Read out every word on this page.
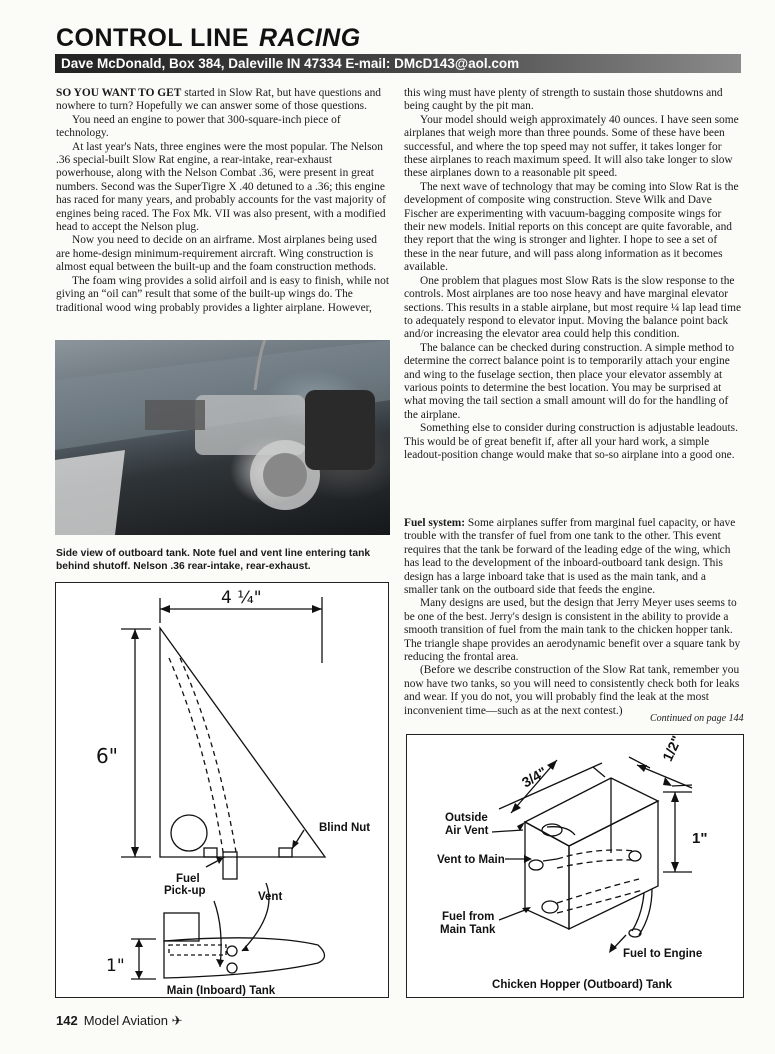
CONTROL LINE RACING
Dave McDonald, Box 384, Daleville IN 47334 E-mail: DMcD143@aol.com

SO YOU WANT TO GET started in Slow Rat, but have questions and nowhere to turn? Hopefully we can answer some of those questions.

You need an engine to power that 300-square-inch piece of technology.

At last year's Nats, three engines were the most popular. The Nelson .36 special-built Slow Rat engine, a rear-intake, rear-exhaust powerhouse, along with the Nelson Combat .36, were present in great numbers. Second was the SuperTigre X .40 detuned to a .36; this engine has raced for many years, and probably accounts for the vast majority of engines being raced. The Fox Mk. VII was also present, with a modified head to accept the Nelson plug.

Now you need to decide on an airframe. Most airplanes being used are home-design minimum-requirement aircraft. Wing construction is almost equal between the built-up and the foam construction methods.

The foam wing provides a solid airfoil and is easy to finish, while not giving an “oil can” result that some of the built-up wings do. The traditional wood wing probably provides a lighter airplane. However,

Side view of outboard tank. Note fuel and vent line entering tank behind shutoff. Nelson .36 rear-intake, rear-exhaust.
4 ¼"
6"
1"
Blind Nut
Fuel
Pick-up	Vent
Main (Inboard) Tank

this wing must have plenty of strength to sustain those shutdowns and being caught by the pit man.

Your model should weigh approximately 40 ounces. I have seen some airplanes that weigh more than three pounds. Some of these have been successful, and where the top speed may not suffer, it takes longer for these airplanes to reach maximum speed. It will also take longer to slow these airplanes down to a reasonable pit speed.

The next wave of technology that may be coming into Slow Rat is the development of composite wing construction. Steve Wilk and Dave Fischer are experimenting with vacuum-bagging composite wings for their new models. Initial reports on this concept are quite favorable, and they report that the wing is stronger and lighter. I hope to see a set of these in the near future, and will pass along information as it becomes available.

One problem that plagues most Slow Rats is the slow response to the controls. Most airplanes are too nose heavy and have marginal elevator sections. This results in a stable airplane, but most require ¼ lap lead time to adequately respond to elevator input. Moving the balance point back and/or increasing the elevator area could help this condition.

The balance can be checked during construction. A simple method to determine the correct balance point is to temporarily attach your engine and wing to the fuselage section, then place your elevator assembly at various points to determine the best location. You may be surprised at what moving the tail section a small amount will do for the handling of the airplane.

Something else to consider during construction is adjustable leadouts. This would be of great benefit if, after all your hard work, a simple leadout-position change would make that so-so airplane into a good one.

Fuel system: Some airplanes suffer from marginal fuel capacity, or have trouble with the transfer of fuel from one tank to the other. This event requires that the tank be forward of the leading edge of the wing, which has lead to the development of the inboard-outboard tank design. This design has a large inboard take that is used as the main tank, and a smaller tank on the outboard side that feeds the engine.

Many designs are used, but the design that Jerry Meyer uses seems to be one of the best. Jerry's design is consistent in the ability to provide a smooth transition of fuel from the main tank to the chicken hopper tank. The triangle shape provides an aerodynamic benefit over a square tank by reducing the frontal area.

(Before we describe construction of the Slow Rat tank, remember you now have two tanks, so you will need to consistently check both for leaks and wear. If you do not, you will probably find the leak at the most inconvenient time—such as at the next contest.)

Continued on page 144
3/4"
1/2"
1"
Outside
Air Vent
Vent to Main
Fuel from
Main Tank
Fuel to Engine
Chicken Hopper (Outboard) Tank
142 Model Aviation ✈
